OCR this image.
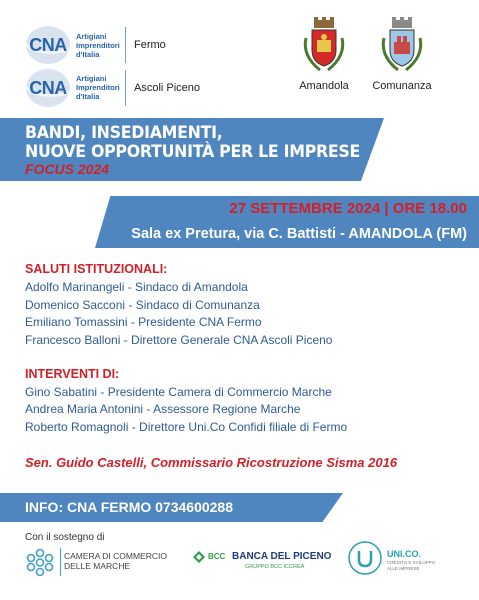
CNA Artigiani
Imprenditori
d'Italia
Fermo
CNA Artigiani
Imprenditori
d'Italia
Ascoli Piceno	Amandola	Comunanza
BANDI, INSEDIAMENTI,
NUOVE OPPORTUNITÀ PER LE IMPRESE
FOCUS 2024
27 SETTEMBRE 2024 | ORE 18.00
Sala ex Pretura, via C. Battisti - AMANDOLA (FM)
SALUTI ISTITUZIONALI:
Adolfo Marinangeli - Sindaco di Amandola
Domenico Sacconi - Sindaco di Comunanza
Emiliano Tomassini - Presidente CNA Fermo
Francesco Balloni - Direttore Generale CNA Ascoli Piceno
INTERVENTI DI:
Gino Sabatini - Presidente Camera di Commercio Marche
Andrea Maria Antonini - Assessore Regione Marche
Roberto Romagnoli - Direttore Uni.Co Confidi filiale di Fermo
Sen. Guido Castelli, Commissario Ricostruzione Sisma 2016
INFO: CNA FERMO 0734600288
Con il sostegno di
CAMERA DI COMMERCIO
DELLE MARCHE
BCC BANCA DEL PICENO
GRUPPO BCC ICCREA
UNI.CO.
CREDITO E SVILUPPO
ALLE IMPRESE
